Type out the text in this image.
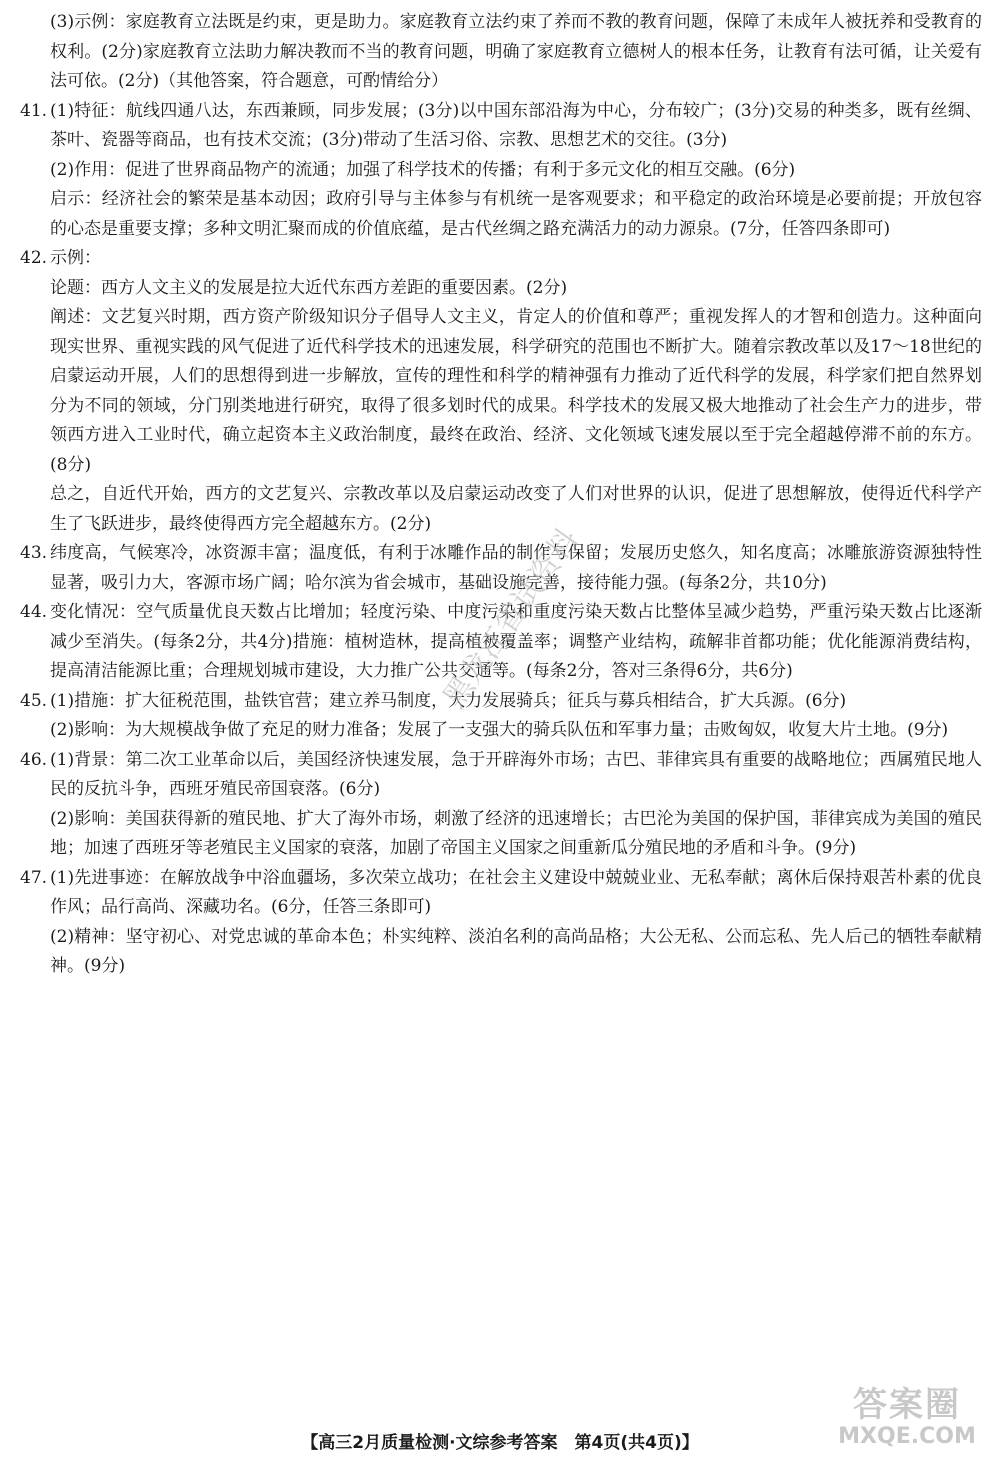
(3)示例：家庭教育立法既是约束，更是助力。家庭教育立法约束了养而不教的教育问题，保障了未成年人被抚养和受教育的权利。(2分)家庭教育立法助力解决教而不当的教育问题，明确了家庭教育立德树人的根本任务，让教育有法可循，让关爱有法可依。(2分)（其他答案，符合题意，可酌情给分）
41. (1)特征：航线四通八达，东西兼顾，同步发展；(3分)以中国东部沿海为中心，分布较广；(3分)交易的种类多，既有丝绸、茶叶、瓷器等商品，也有技术交流；(3分)带动了生活习俗、宗教、思想艺术的交往。(3分)
(2)作用：促进了世界商品物产的流通；加强了科学技术的传播；有利于多元文化的相互交融。(6分)
启示：经济社会的繁荣是基本动因；政府引导与主体参与有机统一是客观要求；和平稳定的政治环境是必要前提；开放包容的心态是重要支撑；多种文明汇聚而成的价值底蕴，是古代丝绸之路充满活力的动力源泉。(7分，任答四条即可)
42. 示例：
论题：西方人文主义的发展是拉大近代东西方差距的重要因素。(2分)
阐述：文艺复兴时期，西方资产阶级知识分子倡导人文主义，肯定人的价值和尊严；重视发挥人的才智和创造力。这种面向现实世界、重视实践的风气促进了近代科学技术的迅速发展，科学研究的范围也不断扩大。随着宗教改革以及17～18世纪的启蒙运动开展，人们的思想得到进一步解放，宣传的理性和科学的精神强有力推动了近代科学的发展，科学家们把自然界划分为不同的领域，分门别类地进行研究，取得了很多划时代的成果。科学技术的发展又极大地推动了社会生产力的进步，带领西方进入工业时代，确立起资本主义政治制度，最终在政治、经济、文化领域飞速发展以至于完全超越停滞不前的东方。(8分)
总之，自近代开始，西方的文艺复兴、宗教改革以及启蒙运动改变了人们对世界的认识，促进了思想解放，使得近代科学产生了飞跃进步，最终使得西方完全超越东方。(2分)
43. 纬度高，气候寒冷，冰资源丰富；温度低，有利于冰雕作品的制作与保留；发展历史悠久，知名度高；冰雕旅游资源独特性显著，吸引力大，客源市场广阔；哈尔滨为省会城市，基础设施完善，接待能力强。(每条2分，共10分)
44. 变化情况：空气质量优良天数占比增加；轻度污染、中度污染和重度污染天数占比整体呈减少趋势，严重污染天数占比逐渐减少至消失。(每条2分，共4分)措施：植树造林，提高植被覆盖率；调整产业结构，疏解非首都功能；优化能源消费结构，提高清洁能源比重；合理规划城市建设，大力推广公共交通等。(每条2分，答对三条得6分，共6分)
45. (1)措施：扩大征税范围，盐铁官营；建立养马制度，大力发展骑兵；征兵与募兵相结合，扩大兵源。(6分)
(2)影响：为大规模战争做了充足的财力准备；发展了一支强大的骑兵队伍和军事力量；击败匈奴，收复大片土地。(9分)
46. (1)背景：第二次工业革命以后，美国经济快速发展，急于开辟海外市场；古巴、菲律宾具有重要的战略地位；西属殖民地人民的反抗斗争，西班牙殖民帝国衰落。(6分)
(2)影响：美国获得新的殖民地、扩大了海外市场，刺激了经济的迅速增长；古巴沦为美国的保护国，菲律宾成为美国的殖民地；加速了西班牙等老殖民主义国家的衰落，加剧了帝国主义国家之间重新瓜分殖民地的矛盾和斗争。(9分)
47. (1)先进事迹：在解放战争中浴血疆场，多次荣立战功；在社会主义建设中兢兢业业、无私奉献；离休后保持艰苦朴素的优良作风；品行高尚、深藏功名。(6分，任答三条即可)
(2)精神：坚守初心、对党忠诚的革命本色；朴实纯粹、淡泊名利的高尚品格；大公无私、公而忘私、先人后己的牺牲奉献精神。(9分)
黑龙江省试资料
【高三2月质量检测·文综参考答案　第4页(共4页)】
答案圈
MXQE.COM
